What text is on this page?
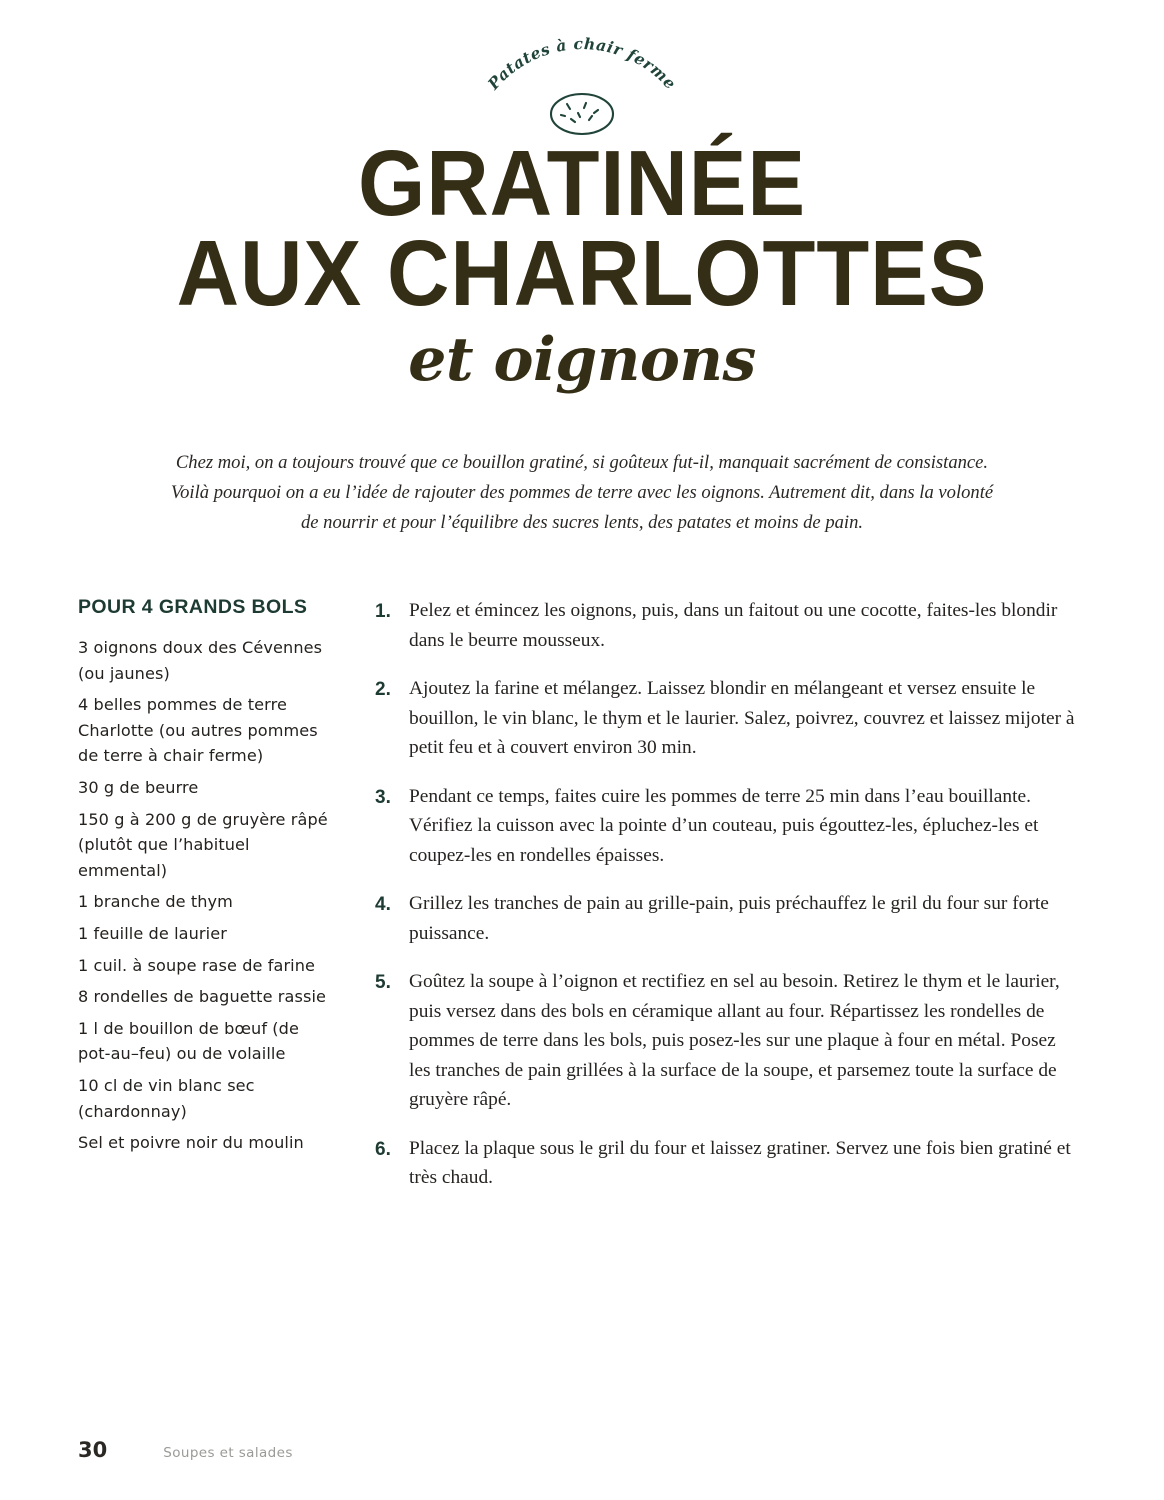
Patates à chair ferme
GRATINÉE
AUX CHARLOTTES
et oignons

Chez moi, on a toujours trouvé que ce bouillon gratiné, si goûteux fut-il, manquait sacrément de consistance.

Voilà pourquoi on a eu l’idée de rajouter des pommes de terre avec les oignons. Autrement dit, dans la volonté

de nourrir et pour l’équilibre des sucres lents, des patates et moins de pain.

POUR 4 GRANDS BOLS
3 oignons doux des Cévennes (ou jaunes)
4 belles pommes de terre Charlotte (ou autres pommes de terre à chair ferme)
30 g de beurre
150 g à 200 g de gruyère râpé (plutôt que l’habituel emmental)
1 branche de thym
1 feuille de laurier
1 cuil. à soupe rase de farine
8 rondelles de baguette rassie
1 l de bouillon de bœuf (de pot-au–feu) ou de volaille
10 cl de vin blanc sec (chardonnay)
Sel et poivre noir du moulin
1. Pelez et émincez les oignons, puis, dans un faitout ou une cocotte, faites-les blondir dans le beurre mousseux.
2. Ajoutez la farine et mélangez. Laissez blondir en mélangeant et versez ensuite le bouillon, le vin blanc, le thym et le laurier. Salez, poivrez, couvrez et laissez mijoter à petit feu et à couvert environ 30 min.
3. Pendant ce temps, faites cuire les pommes de terre 25 min dans l’eau bouillante. Vérifiez la cuisson avec la pointe d’un couteau, puis égouttez-les, épluchez-les et coupez-les en rondelles épaisses.
4. Grillez les tranches de pain au grille-pain, puis préchauffez le gril du four sur forte puissance.
5. Goûtez la soupe à l’oignon et rectifiez en sel au besoin. Retirez le thym et le laurier, puis versez dans des bols en céramique allant au four. Répartissez les rondelles de pommes de terre dans les bols, puis posez-les sur une plaque à four en métal. Posez les tranches de pain grillées à la surface de la soupe, et parsemez toute la surface de gruyère râpé.
6. Placez la plaque sous le gril du four et laissez gratiner. Servez une fois bien gratiné et très chaud.
30	Soupes et salades
